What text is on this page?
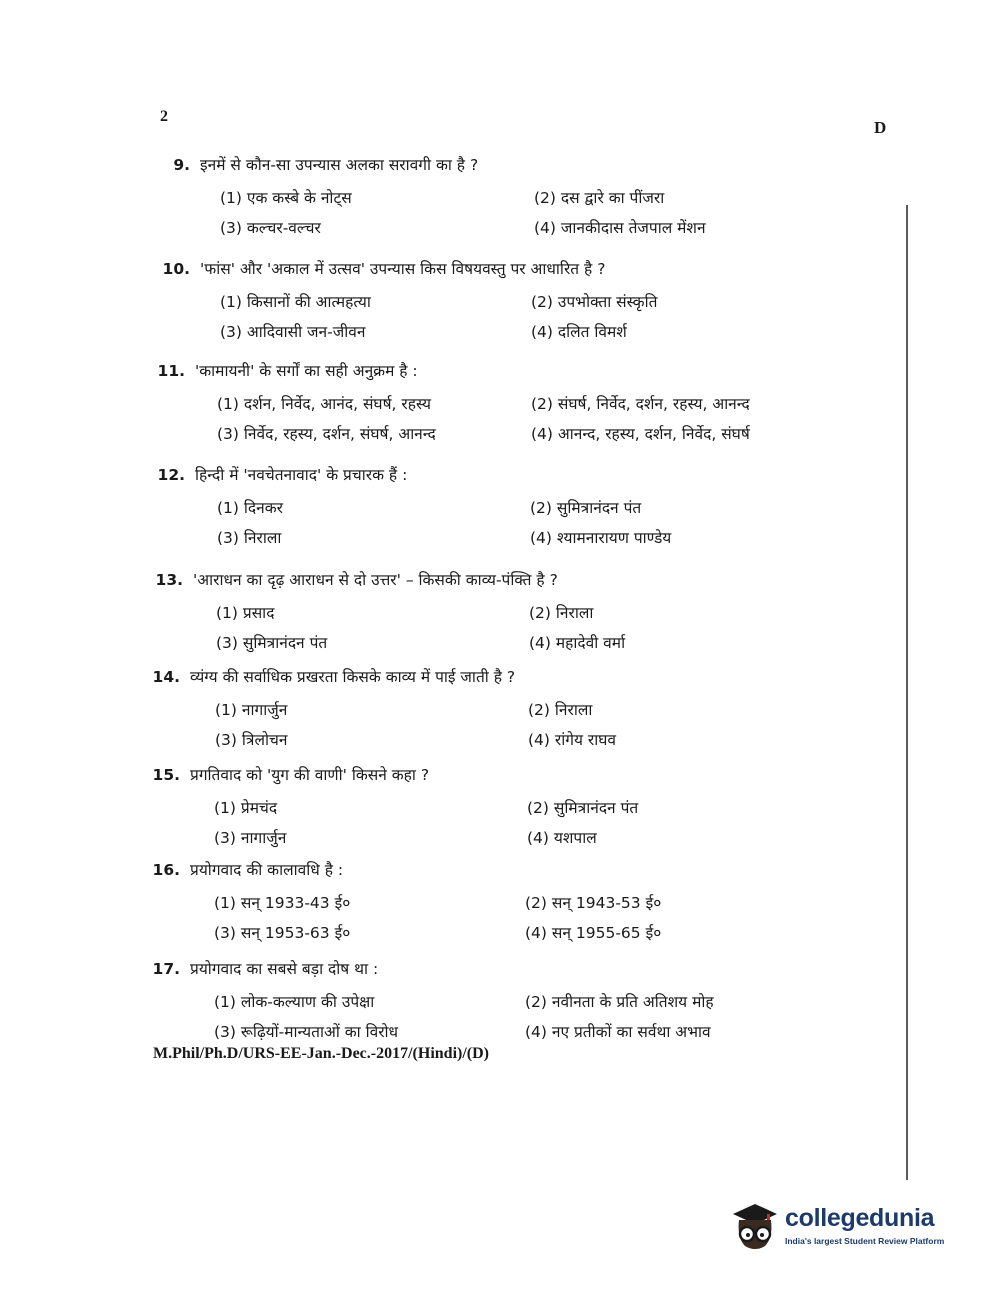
2
D
9. इनमें से कौन-सा उपन्यास अलका सरावगी का है ?
(1) एक कस्बे के नोट्स	(2) दस द्वारे का पींजरा
(3) कल्चर-वल्चर	(4) जानकीदास तेजपाल मेंशन
10. 'फांस' और 'अकाल में उत्सव' उपन्यास किस विषयवस्तु पर आधारित है ?
(1) किसानों की आत्महत्या	(2) उपभोक्ता संस्कृति
(3) आदिवासी जन-जीवन	(4) दलित विमर्श
11. 'कामायनी' के सर्गों का सही अनुक्रम है :
(1) दर्शन, निर्वेद, आनंद, संघर्ष, रहस्य	(2) संघर्ष, निर्वेद, दर्शन, रहस्य, आनन्द
(3) निर्वेद, रहस्य, दर्शन, संघर्ष, आनन्द	(4) आनन्द, रहस्य, दर्शन, निर्वेद, संघर्ष
12. हिन्दी में 'नवचेतनावाद' के प्रचारक हैं :
(1) दिनकर	(2) सुमित्रानंदन पंत
(3) निराला	(4) श्यामनारायण पाण्डेय
13. 'आराधन का दृढ़ आराधन से दो उत्तर' – किसकी काव्य-पंक्ति है ?
(1) प्रसाद	(2) निराला
(3) सुमित्रानंदन पंत	(4) महादेवी वर्मा
14. व्यंग्य की सर्वाधिक प्रखरता किसके काव्य में पाई जाती है ?
(1) नागार्जुन	(2) निराला
(3) त्रिलोचन	(4) रांगेय राघव
15. प्रगतिवाद को 'युग की वाणी' किसने कहा ?
(1) प्रेमचंद	(2) सुमित्रानंदन पंत
(3) नागार्जुन	(4) यशपाल
16. प्रयोगवाद की कालावधि है :
(1) सन् 1933-43 ई०	(2) सन् 1943-53 ई०
(3) सन् 1953-63 ई०	(4) सन् 1955-65 ई०
17. प्रयोगवाद का सबसे बड़ा दोष था :
(1) लोक-कल्याण की उपेक्षा	(2) नवीनता के प्रति अतिशय मोह
(3) रूढ़ियों-मान्यताओं का विरोध	(4) नए प्रतीकों का सर्वथा अभाव
M.Phil/Ph.D/URS-EE-Jan.-Dec.-2017/(Hindi)/(D)
collegedunia
India's largest Student Review Platform
